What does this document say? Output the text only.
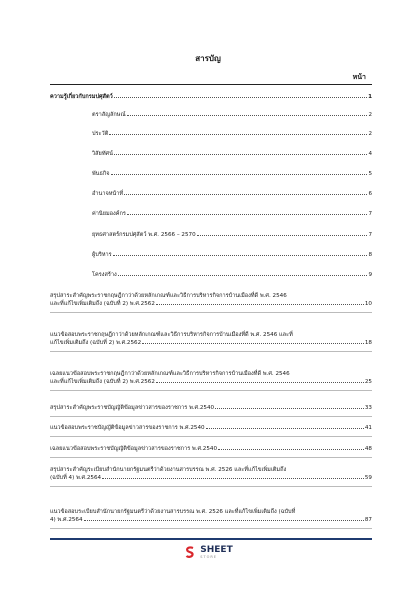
สารบัญ
หน้า
ความรู้เกี่ยวกับกรมปศุสัตว์	1
ตราสัญลักษณ์	2
ประวัติ	2
วิสัยทัศน์	4
พันธกิจ	5
อำนาจหน้าที่	6
ค่านิยมองค์กร	7
ยุทธศาสตร์กรมปศุสัตว์ พ.ศ. 2566 – 2570	7
ผู้บริหาร	8
โครงสร้าง	9
สรุปสาระสำคัญพระราชกฤษฎีกาว่าด้วยหลักเกณฑ์และวิธีการบริหารกิจการบ้านเมืองที่ดี พ.ศ. 2546
และที่แก้ไขเพิ่มเติมถึง (ฉบับที่ 2) พ.ศ.2562	10
แนวข้อสอบพระราชกฤษฎีกาว่าด้วยหลักเกณฑ์และวิธีการบริหารกิจการบ้านเมืองที่ดี พ.ศ. 2546 และที่
แก้ไขเพิ่มเติมถึง (ฉบับที่ 2) พ.ศ.2562	18
เฉลยแนวข้อสอบพระราชกฤษฎีกาว่าด้วยหลักเกณฑ์และวิธีการบริหารกิจการบ้านเมืองที่ดี พ.ศ. 2546
และที่แก้ไขเพิ่มเติมถึง (ฉบับที่ 2) พ.ศ.2562	25
สรุปสาระสำคัญพระราชบัญญัติข้อมูลข่าวสารของราชการ พ.ศ.2540	33
แนวข้อสอบพระราชบัญญัติข้อมูลข่าวสารของราชการ พ.ศ.2540	41
เฉลยแนวข้อสอบพระราชบัญญัติข้อมูลข่าวสารของราชการ พ.ศ.2540	48
สรุปสาระสำคัญระเบียบสำนักนายกรัฐมนตรีว่าด้วยงานสารบรรณ พ.ศ. 2526 และที่แก้ไขเพิ่มเติมถึง
(ฉบับที่ 4) พ.ศ.2564	59
แนวข้อสอบระเบียบสำนักนายกรัฐมนตรีว่าด้วยงานสารบรรณ พ.ศ. 2526 และที่แก้ไขเพิ่มเติมถึง (ฉบับที่
4) พ.ศ.2564	87
SHEET
STORE
